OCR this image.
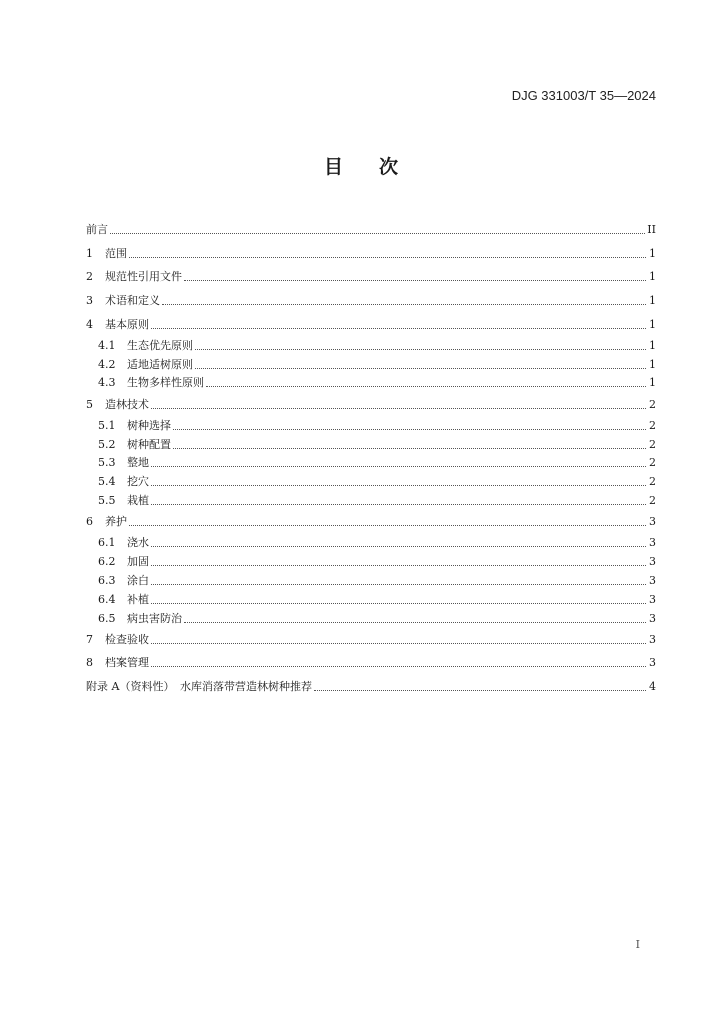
DJG 331003/T 35—2024
目 次
前言	II
1	范围	1
2	规范性引用文件	1
3	术语和定义	1
4	基本原则	1
4.1	生态优先原则	1
4.2	适地适树原则	1
4.3	生物多样性原则	1
5	造林技术	2
5.1	树种选择	2
5.2	树种配置	2
5.3	整地	2
5.4	挖穴	2
5.5	栽植	2
6	养护	3
6.1	浇水	3
6.2	加固	3
6.3	涂白	3
6.4	补植	3
6.5	病虫害防治	3
7	检查验收	3
8	档案管理	3
附录 A（资料性）　水库消落带营造林树种推荐	4
I
